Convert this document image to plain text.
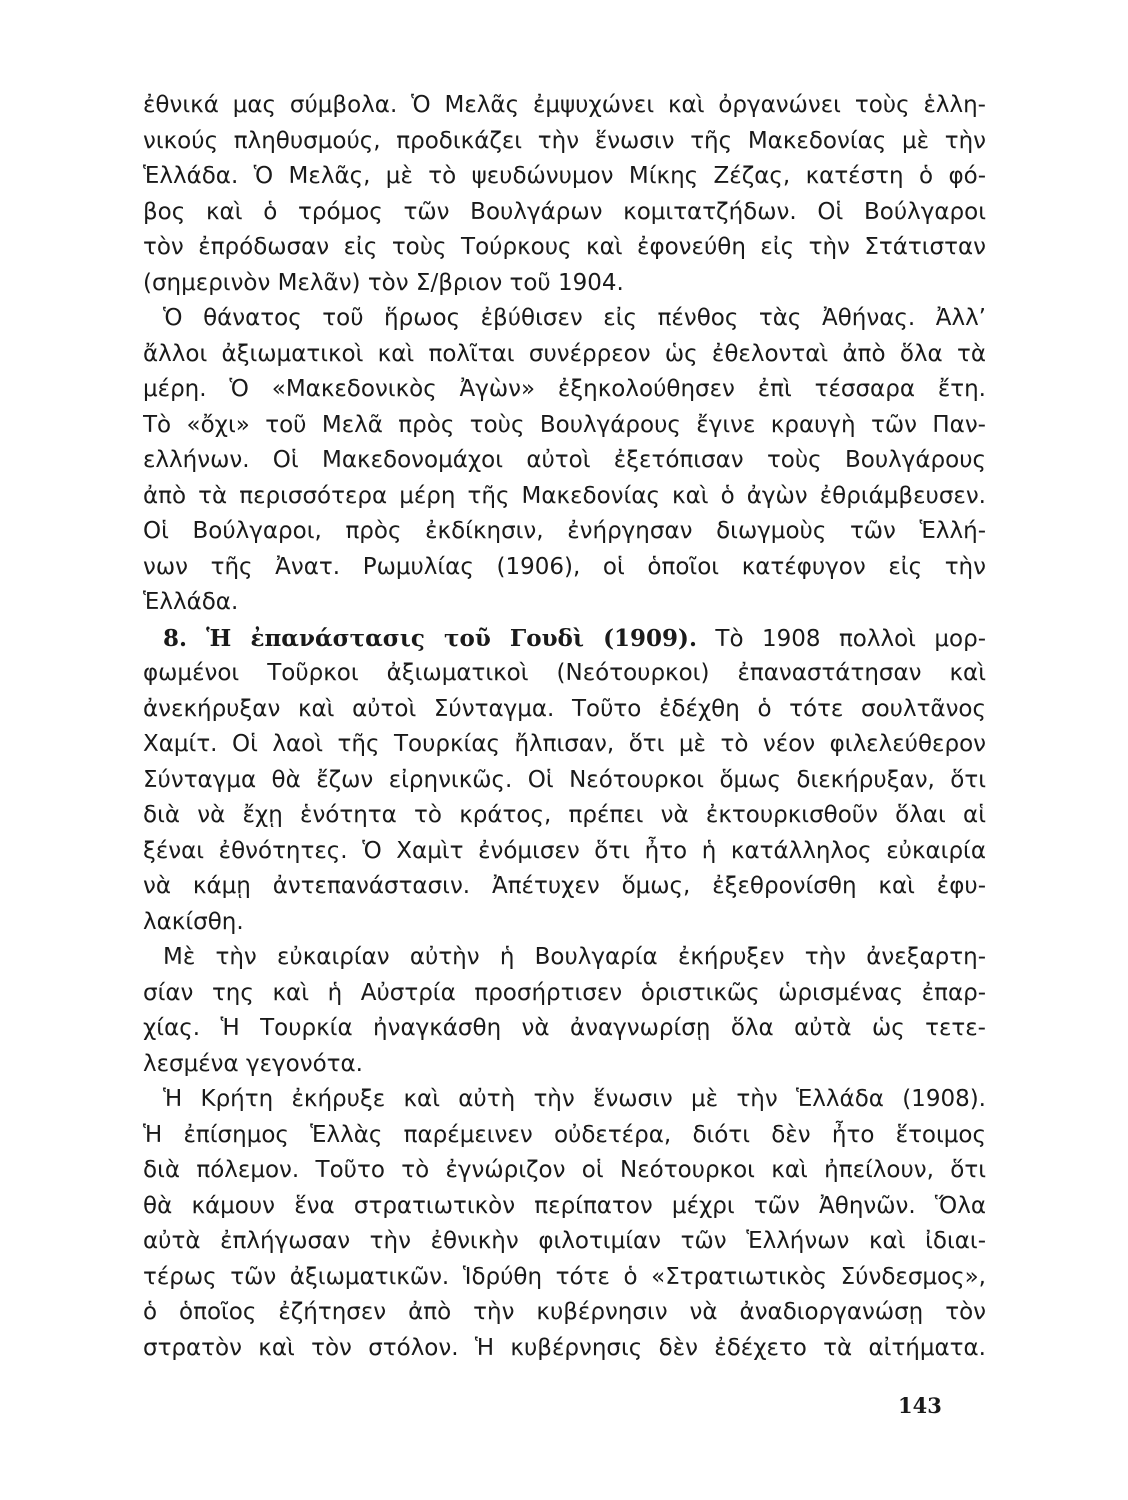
ἐθνικά μας σύμβολα. Ὁ Μελᾶς ἐμψυχώνει καὶ ὀργανώνει τοὺς ἑλλη-
νικούς πληθυσμούς, προδικάζει τὴν ἕνωσιν τῆς Μακεδονίας μὲ τὴν
Ἑλλάδα. Ὁ Μελᾶς, μὲ τὸ ψευδώνυμον Μίκης Ζέζας, κατέστη ὁ φό-
βος καὶ ὁ τρόμος τῶν Βουλγάρων κομιτατζήδων. Οἱ Βούλγαροι
τὸν ἐπρόδωσαν εἰς τοὺς Τούρκους καὶ ἐφονεύθη εἰς τὴν Στάτισταν
(σημερινὸν Μελᾶν) τὸν Σ/βριον τοῦ 1904.
Ὁ θάνατος τοῦ ἥρωος ἐβύθισεν εἰς πένθος τὰς Ἀθήνας. Ἀλλ’
ἄλλοι ἀξιωματικοὶ καὶ πολῖται συνέρρεον ὡς ἐθελονταὶ ἀπὸ ὅλα τὰ
μέρη. Ὁ «Μακεδονικὸς Ἀγὼν» ἐξηκολούθησεν ἐπὶ τέσσαρα ἔτη.
Τὸ «ὄχι» τοῦ Μελᾶ πρὸς τοὺς Βουλγάρους ἔγινε κραυγὴ τῶν Παν-
ελλήνων. Οἱ Μακεδονομάχοι αὐτοὶ ἐξετόπισαν τοὺς Βουλγάρους
ἀπὸ τὰ περισσότερα μέρη τῆς Μακεδονίας καὶ ὁ ἀγὼν ἐθριάμβευσεν.
Οἱ Βούλγαροι, πρὸς ἐκδίκησιν, ἐνήργησαν διωγμοὺς τῶν Ἑλλή-
νων τῆς Ἀνατ. Ρωμυλίας (1906), οἱ ὁποῖοι κατέφυγον εἰς τὴν
Ἑλλάδα.
8. Ἡ ἐπανάστασις τοῦ Γουδὶ (1909). Τὸ 1908 πολλοὶ μορ-
φωμένοι Τοῦρκοι ἀξιωματικοὶ (Νεότουρκοι) ἐπαναστάτησαν καὶ
ἀνεκήρυξαν καὶ αὐτοὶ Σύνταγμα. Τοῦτο ἐδέχθη ὁ τότε σουλτᾶνος
Χαμίτ. Οἱ λαοὶ τῆς Τουρκίας ἤλπισαν, ὅτι μὲ τὸ νέον φιλελεύθερον
Σύνταγμα θὰ ἔζων εἰρηνικῶς. Οἱ Νεότουρκοι ὅμως διεκήρυξαν, ὅτι
διὰ νὰ ἔχῃ ἑνότητα τὸ κράτος, πρέπει νὰ ἐκτουρκισθοῦν ὅλαι αἱ
ξέναι ἐθνότητες. Ὁ Χαμὶτ ἐνόμισεν ὅτι ἦτο ἡ κατάλληλος εὐκαιρία
νὰ κάμῃ ἀντεπανάστασιν. Ἀπέτυχεν ὅμως, ἐξεθρονίσθη καὶ ἐφυ-
λακίσθη.
Μὲ τὴν εὐκαιρίαν αὐτὴν ἡ Βουλγαρία ἐκήρυξεν τὴν ἀνεξαρτη-
σίαν της καὶ ἡ Αὐστρία προσήρτισεν ὁριστικῶς ὡρισμένας ἐπαρ-
χίας. Ἡ Τουρκία ἠναγκάσθη νὰ ἀναγνωρίσῃ ὅλα αὐτὰ ὡς τετε-
λεσμένα γεγονότα.
Ἡ Κρήτη ἐκήρυξε καὶ αὐτὴ τὴν ἕνωσιν μὲ τὴν Ἑλλάδα (1908).
Ἡ ἐπίσημος Ἑλλὰς παρέμεινεν οὐδετέρα, διότι δὲν ἦτο ἕτοιμος
διὰ πόλεμον. Τοῦτο τὸ ἐγνώριζον οἱ Νεότουρκοι καὶ ἠπείλουν, ὅτι
θὰ κάμουν ἕνα στρατιωτικὸν περίπατον μέχρι τῶν Ἀθηνῶν. Ὅλα
αὐτὰ ἐπλήγωσαν τὴν ἐθνικὴν φιλοτιμίαν τῶν Ἑλλήνων καὶ ἰδιαι-
τέρως τῶν ἀξιωματικῶν. Ἱδρύθη τότε ὁ «Στρατιωτικὸς Σύνδεσμος»,
ὁ ὁποῖος ἐζήτησεν ἀπὸ τὴν κυβέρνησιν νὰ ἀναδιοργανώσῃ τὸν
στρατὸν καὶ τὸν στόλον. Ἡ κυβέρνησις δὲν ἐδέχετο τὰ αἰτήματα.
143
